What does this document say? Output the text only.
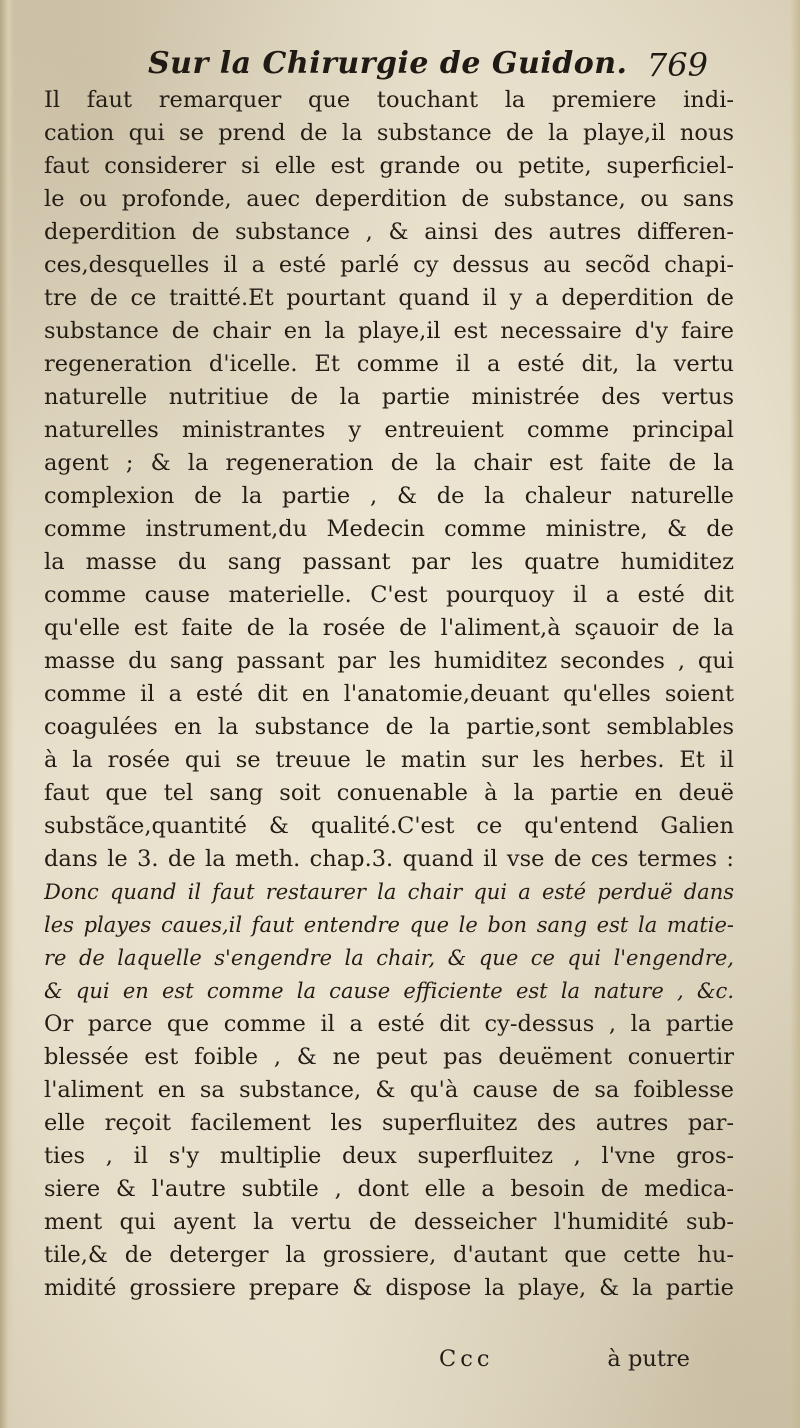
Sur la Chirurgie de Guidon. 769
Il faut remarquer que touchant la premiere indi-
cation qui se prend de la substance de la playe,il nous
faut considerer si elle est grande ou petite, superficiel-
le ou profonde, auec deperdition de substance, ou sans
deperdition de substance , & ainsi des autres differen-
ces,desquelles il a esté parlé cy dessus au secõd chapi-
tre de ce traitté.Et pourtant quand il y a deperdition de
substance de chair en la playe,il est necessaire d'y faire
regeneration d'icelle. Et comme il a esté dit, la vertu
naturelle nutritiue de la partie ministrée des vertus
naturelles ministrantes y entreuient comme principal
agent ; & la regeneration de la chair est faite de la
complexion de la partie , & de la chaleur naturelle
comme instrument,du Medecin comme ministre, & de
la masse du sang passant par les quatre humiditez
comme cause materielle. C'est pourquoy il a esté dit
qu'elle est faite de la rosée de l'aliment,à sçauoir de la
masse du sang passant par les humiditez secondes , qui
comme il a esté dit en l'anatomie,deuant qu'elles soient
coagulées en la substance de la partie,sont semblables
à la rosée qui se treuue le matin sur les herbes. Et il
faut que tel sang soit conuenable à la partie en deuë
substãce,quantité & qualité.C'est ce qu'entend Galien
dans le 3. de la meth. chap.3. quand il vse de ces termes :
Donc quand il faut restaurer la chair qui a esté perduë dans
les playes caues,il faut entendre que le bon sang est la matie-
re de laquelle s'engendre la chair, & que ce qui l'engendre,
& qui en est comme la cause efficiente est la nature , &c.
Or parce que comme il a esté dit cy-dessus , la partie
blessée est foible , & ne peut pas deuëment conuertir
l'aliment en sa substance, & qu'à cause de sa foiblesse
elle reçoit facilement les superfluitez des autres par-
ties , il s'y multiplie deux superfluitez , l'vne gros-
siere & l'autre subtile , dont elle a besoin de medica-
ment qui ayent la vertu de desseicher l'humidité sub-
tile,& de deterger la grossiere, d'autant que cette hu-
midité grossiere prepare & dispose la playe, & la partie
Ccc	à putre
